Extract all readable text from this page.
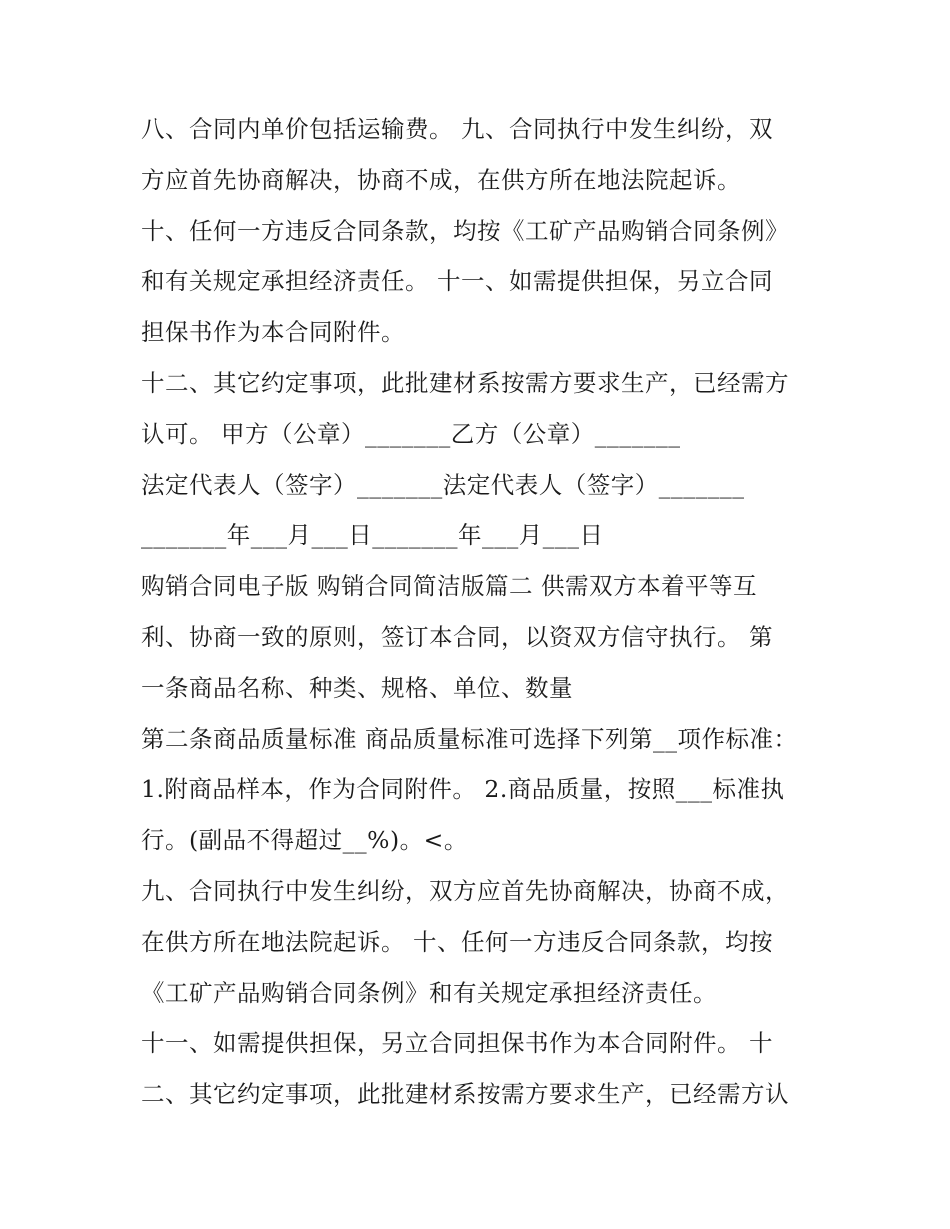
八、合同内单价包括运输费。 九、合同执行中发生纠纷，双
方应首先协商解决，协商不成，在供方所在地法院起诉。
十、任何一方违反合同条款，均按《工矿产品购销合同条例》
和有关规定承担经济责任。 十一、如需提供担保，另立合同
担保书作为本合同附件。
十二、其它约定事项，此批建材系按需方要求生产，已经需方
认可。 甲方（公章）_______乙方（公章）_______
法定代表人（签字）_______法定代表人（签字）_______
_______年___月___日_______年___月___日
购销合同电子版 购销合同简洁版篇二 供需双方本着平等互
利、协商一致的原则，签订本合同，以资双方信守执行。 第
一条商品名称、种类、规格、单位、数量
第二条商品质量标准 商品质量标准可选择下列第__项作标准：
1.附商品样本，作为合同附件。 2.商品质量，按照___标准执
行。(副品不得超过__%)。<。
九、合同执行中发生纠纷，双方应首先协商解决，协商不成，
在供方所在地法院起诉。 十、任何一方违反合同条款，均按
《工矿产品购销合同条例》和有关规定承担经济责任。
十一、如需提供担保，另立合同担保书作为本合同附件。 十
二、其它约定事项，此批建材系按需方要求生产，已经需方认
